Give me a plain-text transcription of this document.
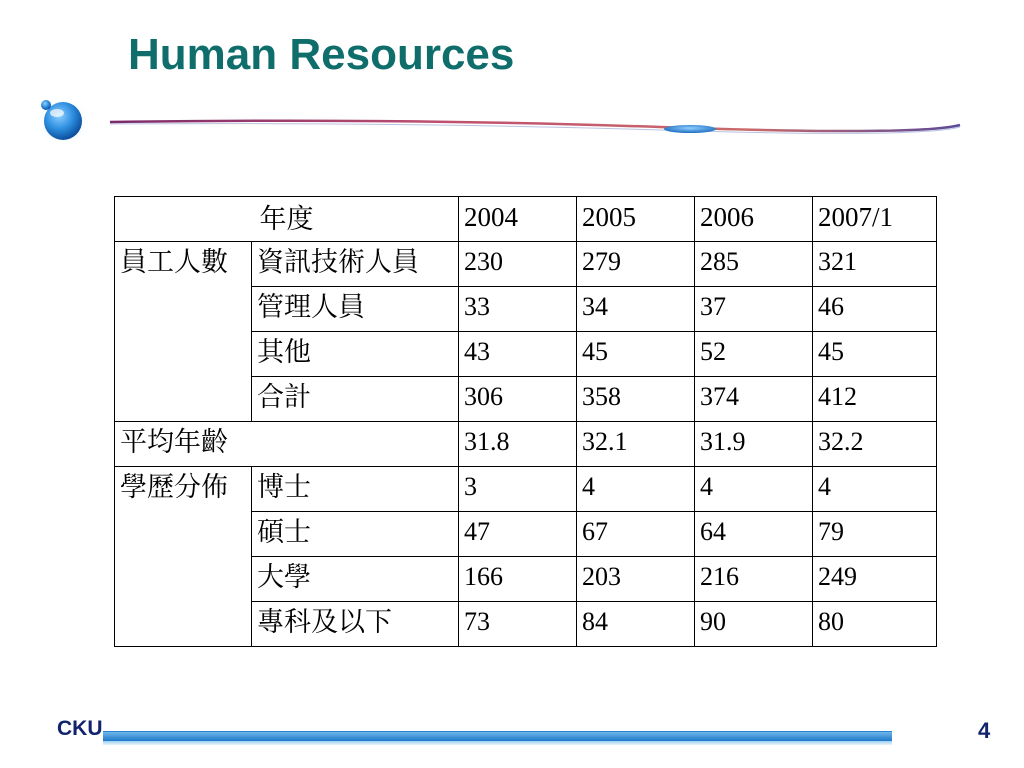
Human Resources
年度		2004	2005	2006	2007/1
員工人數	資訊技術人員	230	279	285	321
	管理人員	33	34	37	46
	其他	43	45	52	45
	合計	306	358	374	412
平均年齡		31.8	32.1	31.9	32.2
學歷分佈	博士	3	4	4	4
	碩士	47	67	64	79
	大學	166	203	216	249
	專科及以下	73	84	90	80
CKU	4
